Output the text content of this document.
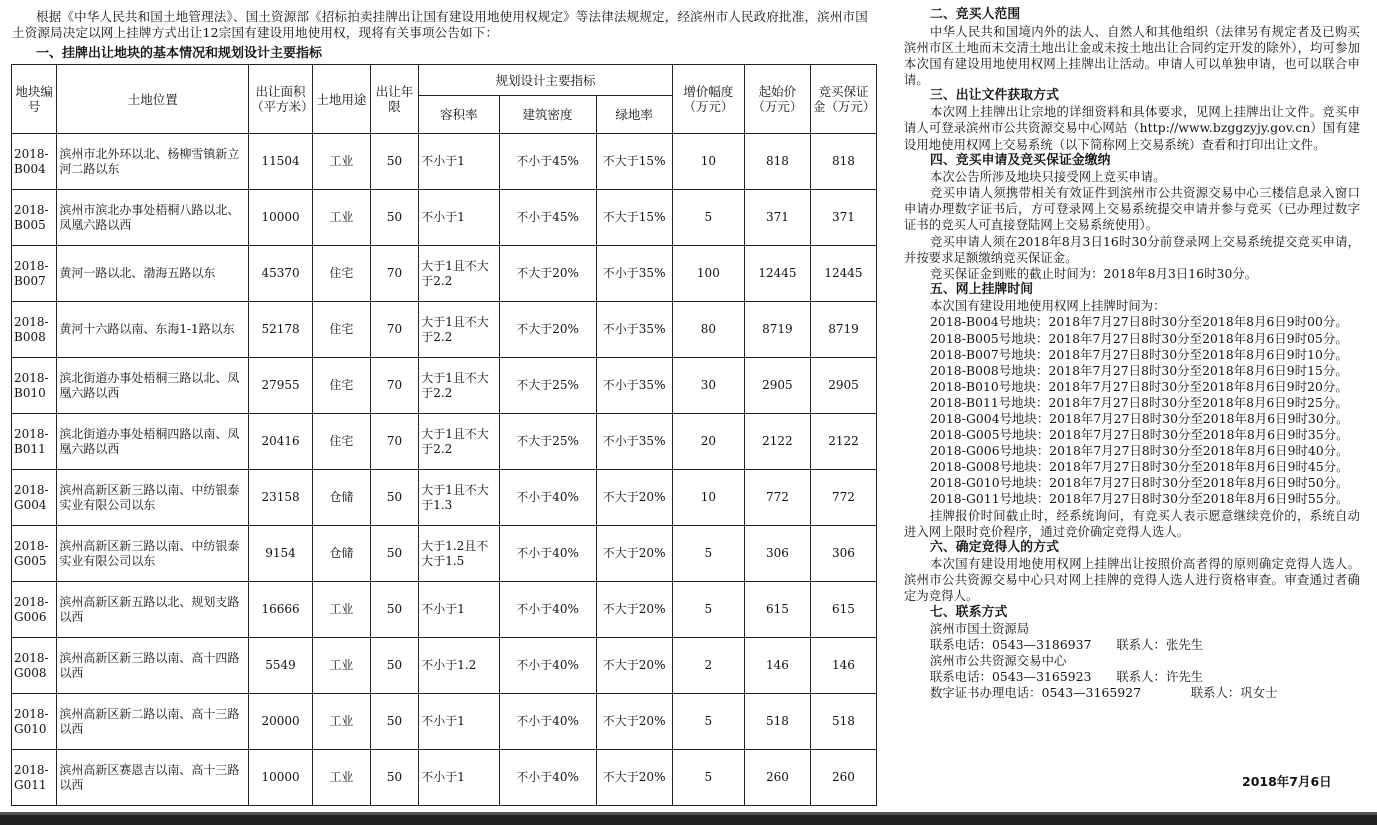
根据《中华人民共和国土地管理法》、国土资源部《招标拍卖挂牌出让国有建设用地使用权规定》等法律法规规定，经滨州市人民政府批准，滨州市国土资源局决定以网上挂牌方式出让12宗国有建设用地使用权，现将有关事项公告如下：
一、挂牌出让地块的基本情况和规划设计主要指标
地块编号	土地位置	出让面积（平方米）	土地用途	出让年限	规划设计主要指标			增价幅度（万元）	起始价（万元）	竞买保证金（万元）
					容积率	建筑密度	绿地率			
2018-B004	滨州市北外环以北、杨柳雪镇新立河二路以东	11504	工业	50	不小于1	不小于45%	不大于15%	10	818	818
2018-B005	滨州市滨北办事处梧桐八路以北、凤凰六路以西	10000	工业	50	不小于1	不小于45%	不大于15%	5	371	371
2018-B007	黄河一路以北、渤海五路以东	45370	住宅	70	大于1且不大于2.2	不大于20%	不小于35%	100	12445	12445
2018-B008	黄河十六路以南、东海1-1路以东	52178	住宅	70	大于1且不大于2.2	不大于20%	不小于35%	80	8719	8719
2018-B010	滨北街道办事处梧桐三路以北、凤凰六路以西	27955	住宅	70	大于1且不大于2.2	不大于25%	不小于35%	30	2905	2905
2018-B011	滨北街道办事处梧桐四路以南、凤凰六路以西	20416	住宅	70	大于1且不大于2.2	不大于25%	不小于35%	20	2122	2122
2018-G004	滨州高新区新三路以南、中纺银泰实业有限公司以东	23158	仓储	50	大于1且不大于1.3	不小于40%	不大于20%	10	772	772
2018-G005	滨州高新区新三路以南、中纺银泰实业有限公司以东	9154	仓储	50	大于1.2且不大于1.5	不小于40%	不大于20%	5	306	306
2018-G006	滨州高新区新五路以北、规划支路以西	16666	工业	50	不小于1	不小于40%	不大于20%	5	615	615
2018-G008	滨州高新区新三路以南、高十四路以西	5549	工业	50	不小于1.2	不小于40%	不大于20%	2	146	146
2018-G010	滨州高新区新二路以南、高十三路以西	20000	工业	50	不小于1	不小于40%	不大于20%	5	518	518
2018-G011	滨州高新区赛恩吉以南、高十三路以西	10000	工业	50	不小于1	不小于40%	不大于20%	5	260	260
二、竞买人范围

中华人民共和国境内外的法人、自然人和其他组织（法律另有规定者及已购买滨州市区土地而未交清土地出让金或未按土地出让合同约定开发的除外），均可参加本次国有建设用地使用权网上挂牌出让活动。申请人可以单独申请，也可以联合申请。

三、出让文件获取方式

本次网上挂牌出让宗地的详细资料和具体要求，见网上挂牌出让文件。竞买申请人可登录滨州市公共资源交易中心网站（http://www.bzggzyjy.gov.cn）国有建设用地使用权网上交易系统（以下简称网上交易系统）查看和打印出让文件。

四、竞买申请及竞买保证金缴纳

本次公告所涉及地块只接受网上竞买申请。

竞买申请人须携带相关有效证件到滨州市公共资源交易中心三楼信息录入窗口申请办理数字证书后，方可登录网上交易系统提交申请并参与竞买（已办理过数字证书的竞买人可直接登陆网上交易系统使用）。

竞买申请人须在2018年8月3日16时30分前登录网上交易系统提交竞买申请，并按要求足额缴纳竞买保证金。

竞买保证金到账的截止时间为：2018年8月3日16时30分。

五、网上挂牌时间

本次国有建设用地使用权网上挂牌时间为：

2018-B004号地块：2018年7月27日8时30分至2018年8月6日9时00分。
2018-B005号地块：2018年7月27日8时30分至2018年8月6日9时05分。
2018-B007号地块：2018年7月27日8时30分至2018年8月6日9时10分。
2018-B008号地块：2018年7月27日8时30分至2018年8月6日9时15分。
2018-B010号地块：2018年7月27日8时30分至2018年8月6日9时20分。
2018-B011号地块：2018年7月27日8时30分至2018年8月6日9时25分。
2018-G004号地块：2018年7月27日8时30分至2018年8月6日9时30分。
2018-G005号地块：2018年7月27日8时30分至2018年8月6日9时35分。
2018-G006号地块：2018年7月27日8时30分至2018年8月6日9时40分。
2018-G008号地块：2018年7月27日8时30分至2018年8月6日9时45分。
2018-G010号地块：2018年7月27日8时30分至2018年8月6日9时50分。
2018-G011号地块：2018年7月27日8时30分至2018年8月6日9时55分。

挂牌报价时间截止时，经系统询问，有竞买人表示愿意继续竞价的，系统自动进入网上限时竞价程序，通过竞价确定竞得人选人。

六、确定竞得人的方式

本次国有建设用地使用权网上挂牌出让按照价高者得的原则确定竞得人选人。滨州市公共资源交易中心只对网上挂牌的竞得人选人进行资格审查。审查通过者确定为竞得人。

七、联系方式
滨州市国土资源局
联系电话：0543—3186937　　联系人：张先生
滨州市公共资源交易中心
联系电话：0543—3165923　　联系人：许先生
数字证书办理电话：0543—3165927　　　　联系人：巩女士
2018年7月6日
